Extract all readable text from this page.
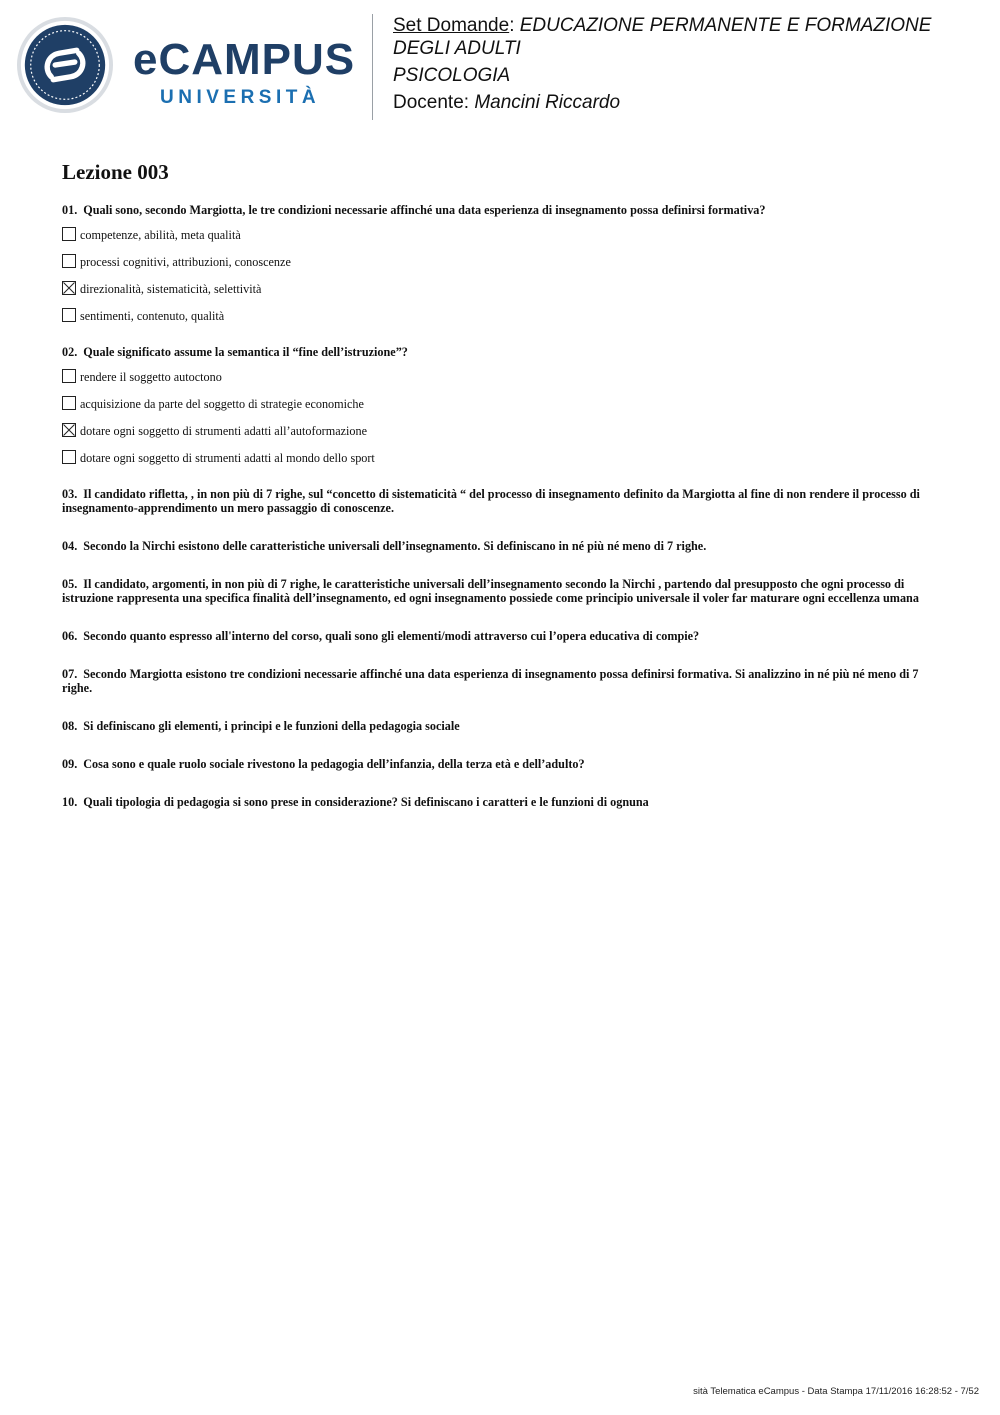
eCAMPUS
UNIVERSITÀ

Set Domande: EDUCAZIONE PERMANENTE E FORMAZIONE DEGLI ADULTI

PSICOLOGIA

Docente: Mancini Riccardo

Lezione 003

01. Quali sono, secondo Margiotta, le tre condizioni necessarie affinché una data esperienza di insegnamento possa definirsi formativa?

competenze, abilità, meta qualità
processi cognitivi, attribuzioni, conoscenze
direzionalità, sistematicità, selettività
sentimenti, contenuto, qualità

02. Quale significato assume la semantica il “fine dell’istruzione”?

rendere il soggetto autoctono
acquisizione da parte del soggetto di strategie economiche
dotare ogni soggetto di strumenti adatti all’autoformazione
dotare ogni soggetto di strumenti adatti al mondo dello sport

03. Il candidato rifletta, , in non più di 7 righe, sul “concetto di sistematicità “ del processo di insegnamento definito da Margiotta al fine di non rendere il processo di insegnamento-apprendimento un mero passaggio di conoscenze.

04. Secondo la Nirchi esistono delle caratteristiche universali dell’insegnamento. Si definiscano in né più né meno di 7 righe.

05. Il candidato, argomenti, in non più di 7 righe, le caratteristiche universali dell’insegnamento secondo la Nirchi , partendo dal presupposto che ogni processo di istruzione rappresenta una specifica finalità dell’insegnamento, ed ogni insegnamento possiede come principio universale il voler far maturare ogni eccellenza umana

06. Secondo quanto espresso all'interno del corso, quali sono gli elementi/modi attraverso cui l’opera educativa di compie?

07. Secondo Margiotta esistono tre condizioni necessarie affinché una data esperienza di insegnamento possa definirsi formativa. Si analizzino in né più né meno di 7 righe.

08. Si definiscano gli elementi, i principi e le funzioni della pedagogia sociale

09. Cosa sono e quale ruolo sociale rivestono la pedagogia dell’infanzia, della terza età e dell’adulto?

10. Quali tipologia di pedagogia si sono prese in considerazione? Si definiscano i caratteri e le funzioni di ognuna

sità Telematica eCampus - Data Stampa 17/11/2016 16:28:52 - 7/52
